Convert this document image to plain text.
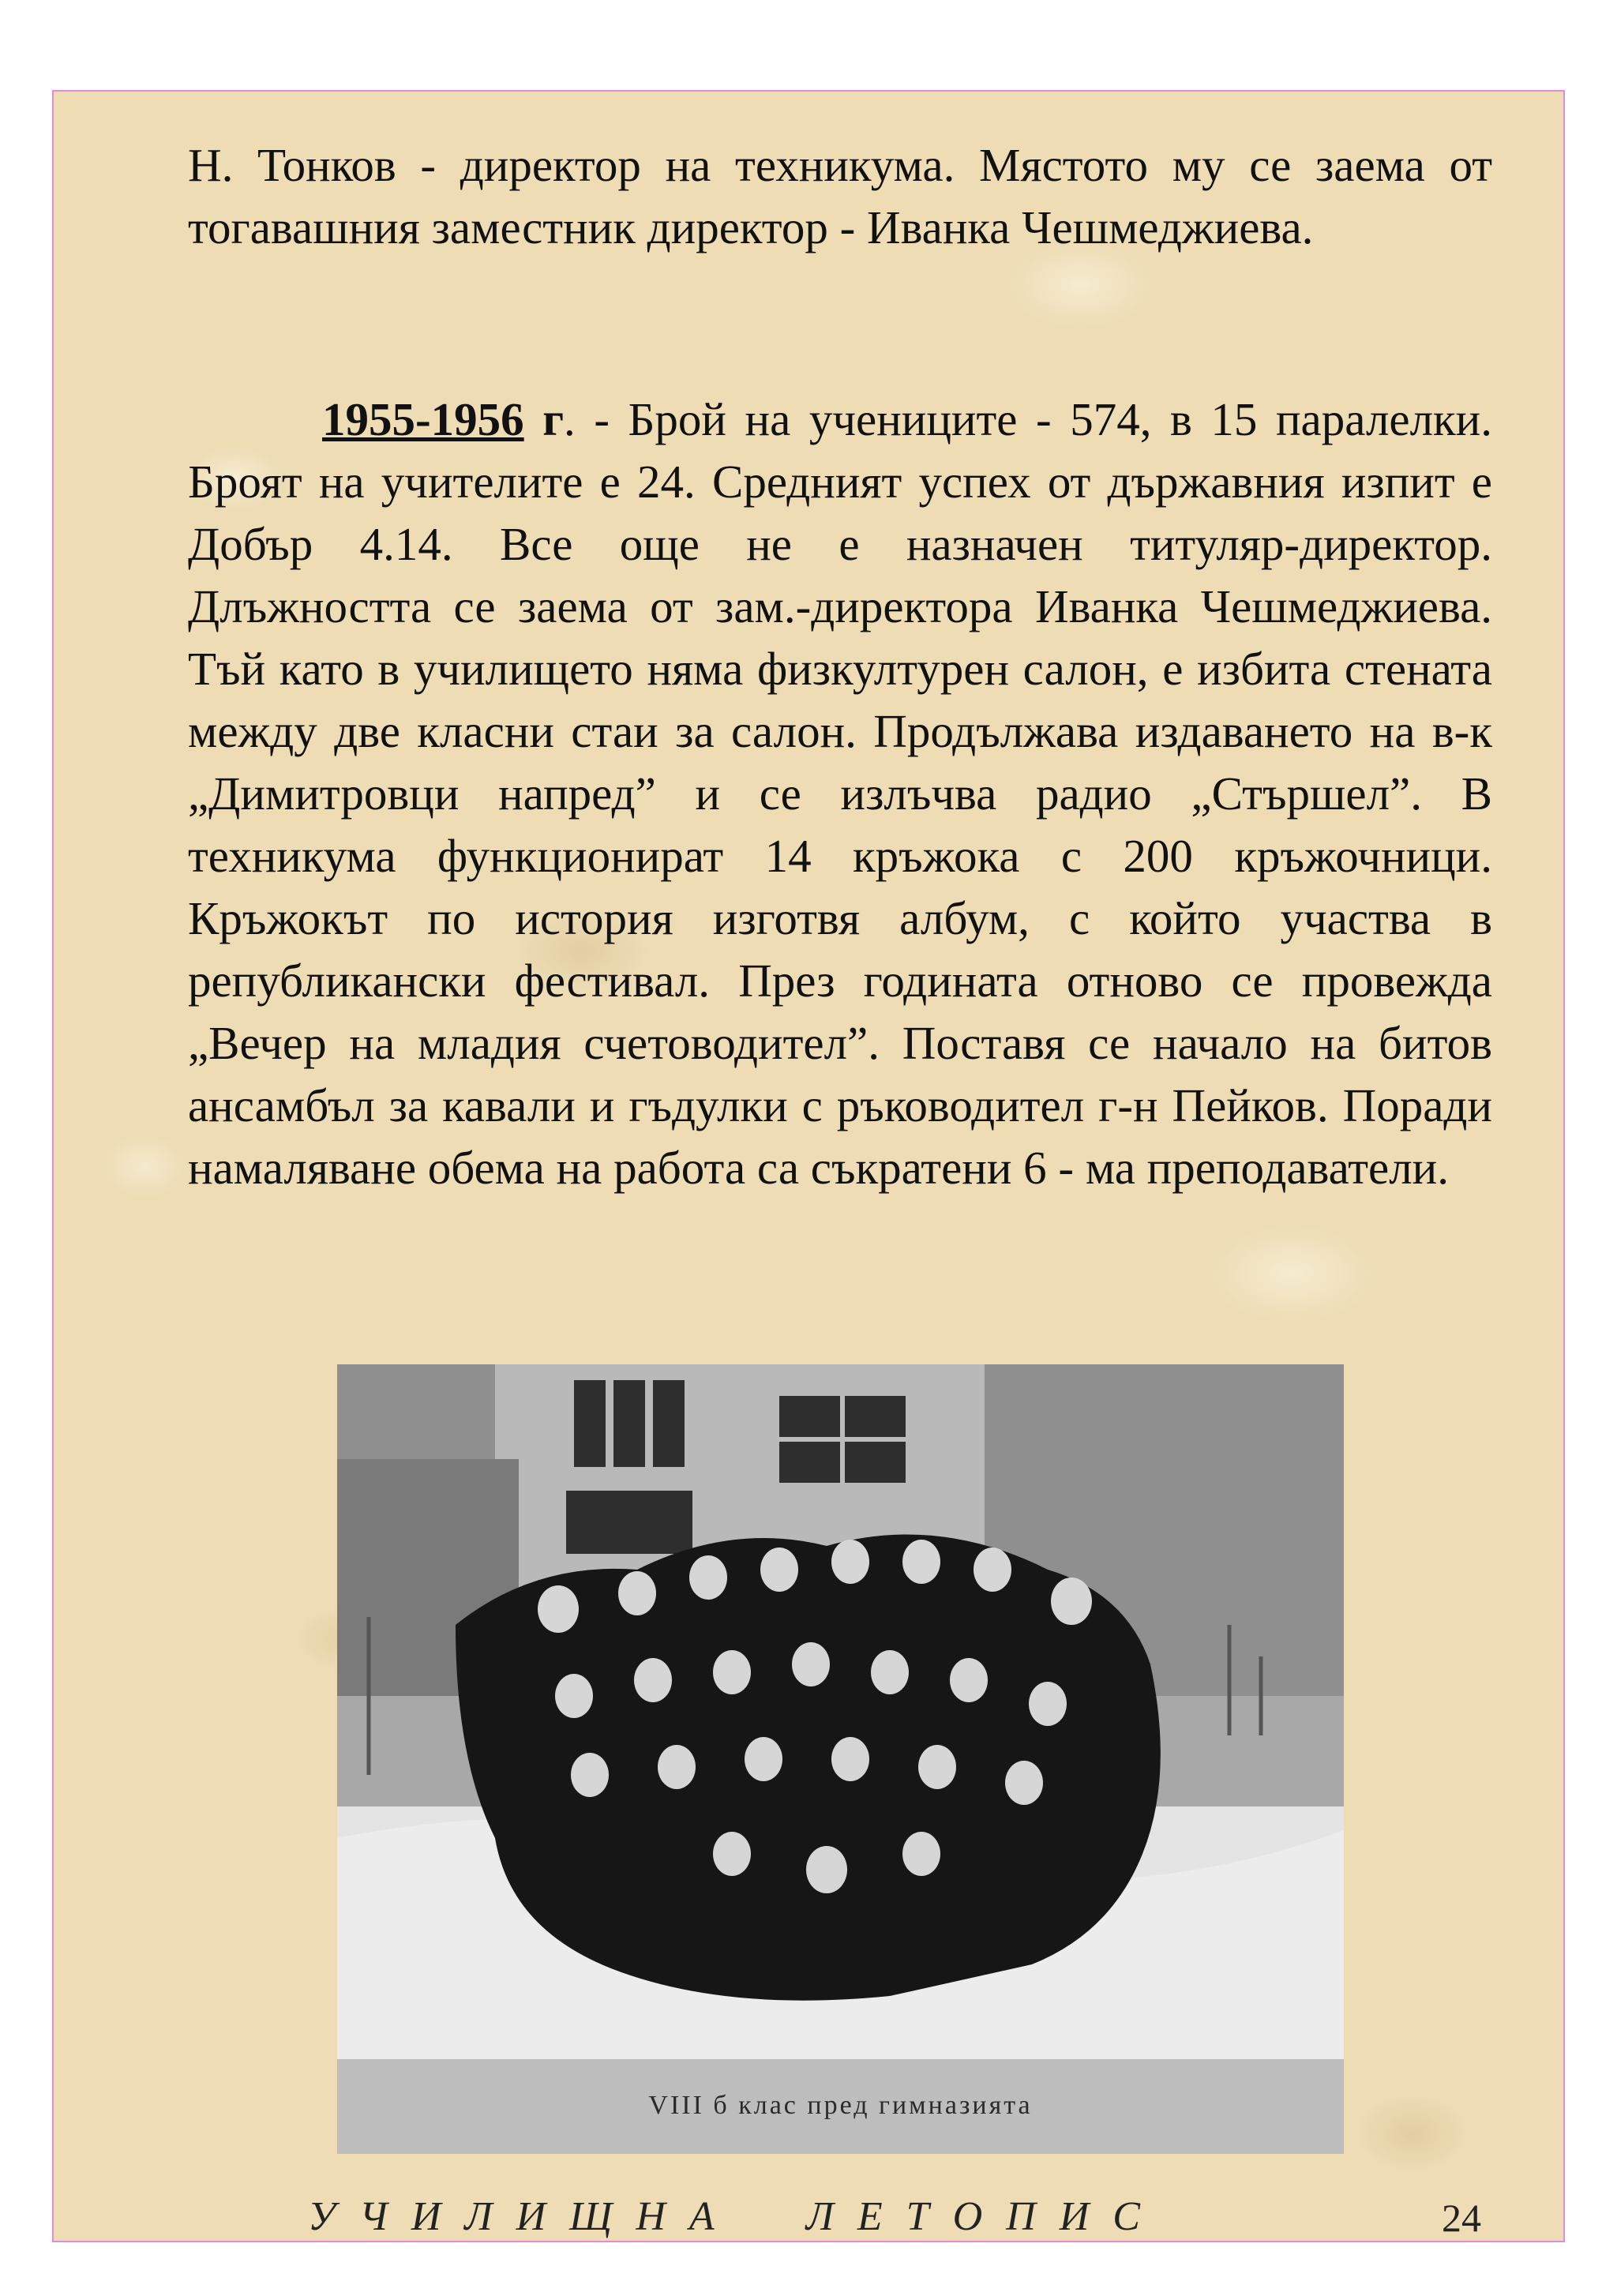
Н. Тонков - директор на техникума. Мястото му се заема от тогавашния заместник директор - Иванка Чешмеджиева.

1955-1956 г. - Брой на учениците - 574, в 15 паралелки. Броят на учителите е 24. Средният успех от държавния изпит е Добър 4.14. Все още не е назначен титуляр-директор. Длъжността се заема от зам.-директора Иванка Чешмеджиева. Тъй като в училището няма физкултурен салон, е избита стената между две класни стаи за салон. Продължава издаването на в-к „Димитровци напред” и се излъчва радио „Стършел”. В техникума функционират 14 кръжока с 200 кръжочници. Кръжокът по история изготвя албум, с който участва в републикански фестивал. През годината отново се провежда „Вечер на младия счетоводител”. Поставя се начало на битов ансамбъл за кавали и гъдулки с ръководител г-н Пейков. Поради намаляване обема на работа са съкратени 6 - ма преподаватели.

VIII б клас пред гимназията
УЧИЛИЩНА  ЛЕТОПИС	24
